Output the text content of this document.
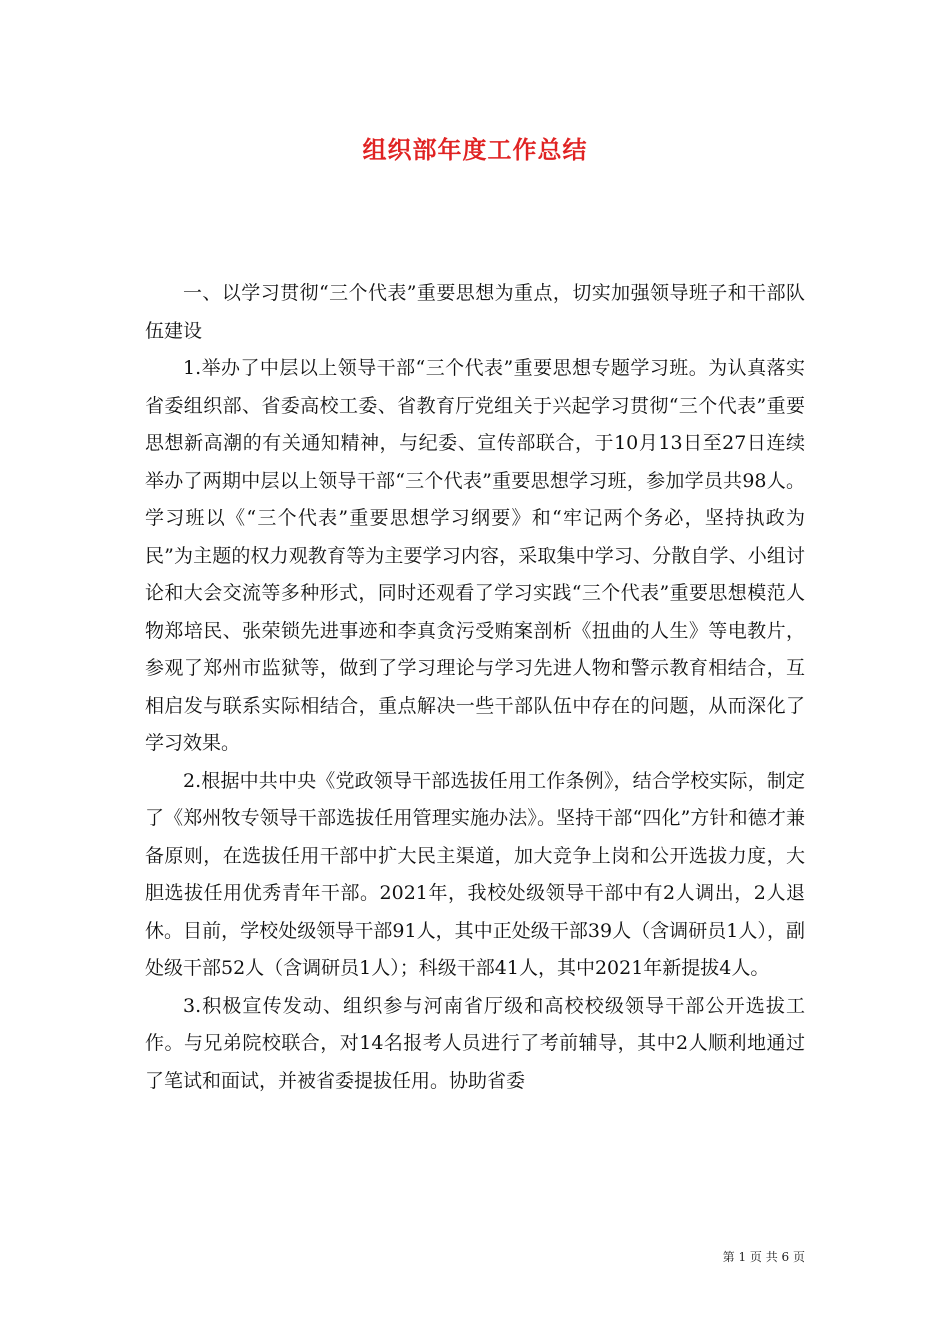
组织部年度工作总结

一、以学习贯彻“三个代表”重要思想为重点，切实加强领导班子和干部队伍建设

1.举办了中层以上领导干部“三个代表”重要思想专题学习班。为认真落实省委组织部、省委高校工委、省教育厅党组关于兴起学习贯彻“三个代表”重要思想新高潮的有关通知精神，与纪委、宣传部联合，于10月13日至27日连续举办了两期中层以上领导干部“三个代表”重要思想学习班，参加学员共98人。学习班以《“三个代表”重要思想学习纲要》和“牢记两个务必，坚持执政为民”为主题的权力观教育等为主要学习内容，采取集中学习、分散自学、小组讨论和大会交流等多种形式，同时还观看了学习实践“三个代表”重要思想模范人物郑培民、张荣锁先进事迹和李真贪污受贿案剖析《扭曲的人生》等电教片，参观了郑州市监狱等，做到了学习理论与学习先进人物和警示教育相结合，互相启发与联系实际相结合，重点解决一些干部队伍中存在的问题，从而深化了学习效果。

2.根据中共中央《党政领导干部选拔任用工作条例》，结合学校实际，制定了《郑州牧专领导干部选拔任用管理实施办法》。坚持干部“四化”方针和德才兼备原则，在选拔任用干部中扩大民主渠道，加大竞争上岗和公开选拔力度，大胆选拔任用优秀青年干部。2021年，我校处级领导干部中有2人调出，2人退休。目前，学校处级领导干部91人，其中正处级干部39人（含调研员1人），副处级干部52人（含调研员1人）；科级干部41人，其中2021年新提拔4人。

3.积极宣传发动、组织参与河南省厅级和高校校级领导干部公开选拔工作。与兄弟院校联合，对14名报考人员进行了考前辅导，其中2人顺利地通过了笔试和面试，并被省委提拔任用。协助省委

第 1 页 共 6 页
